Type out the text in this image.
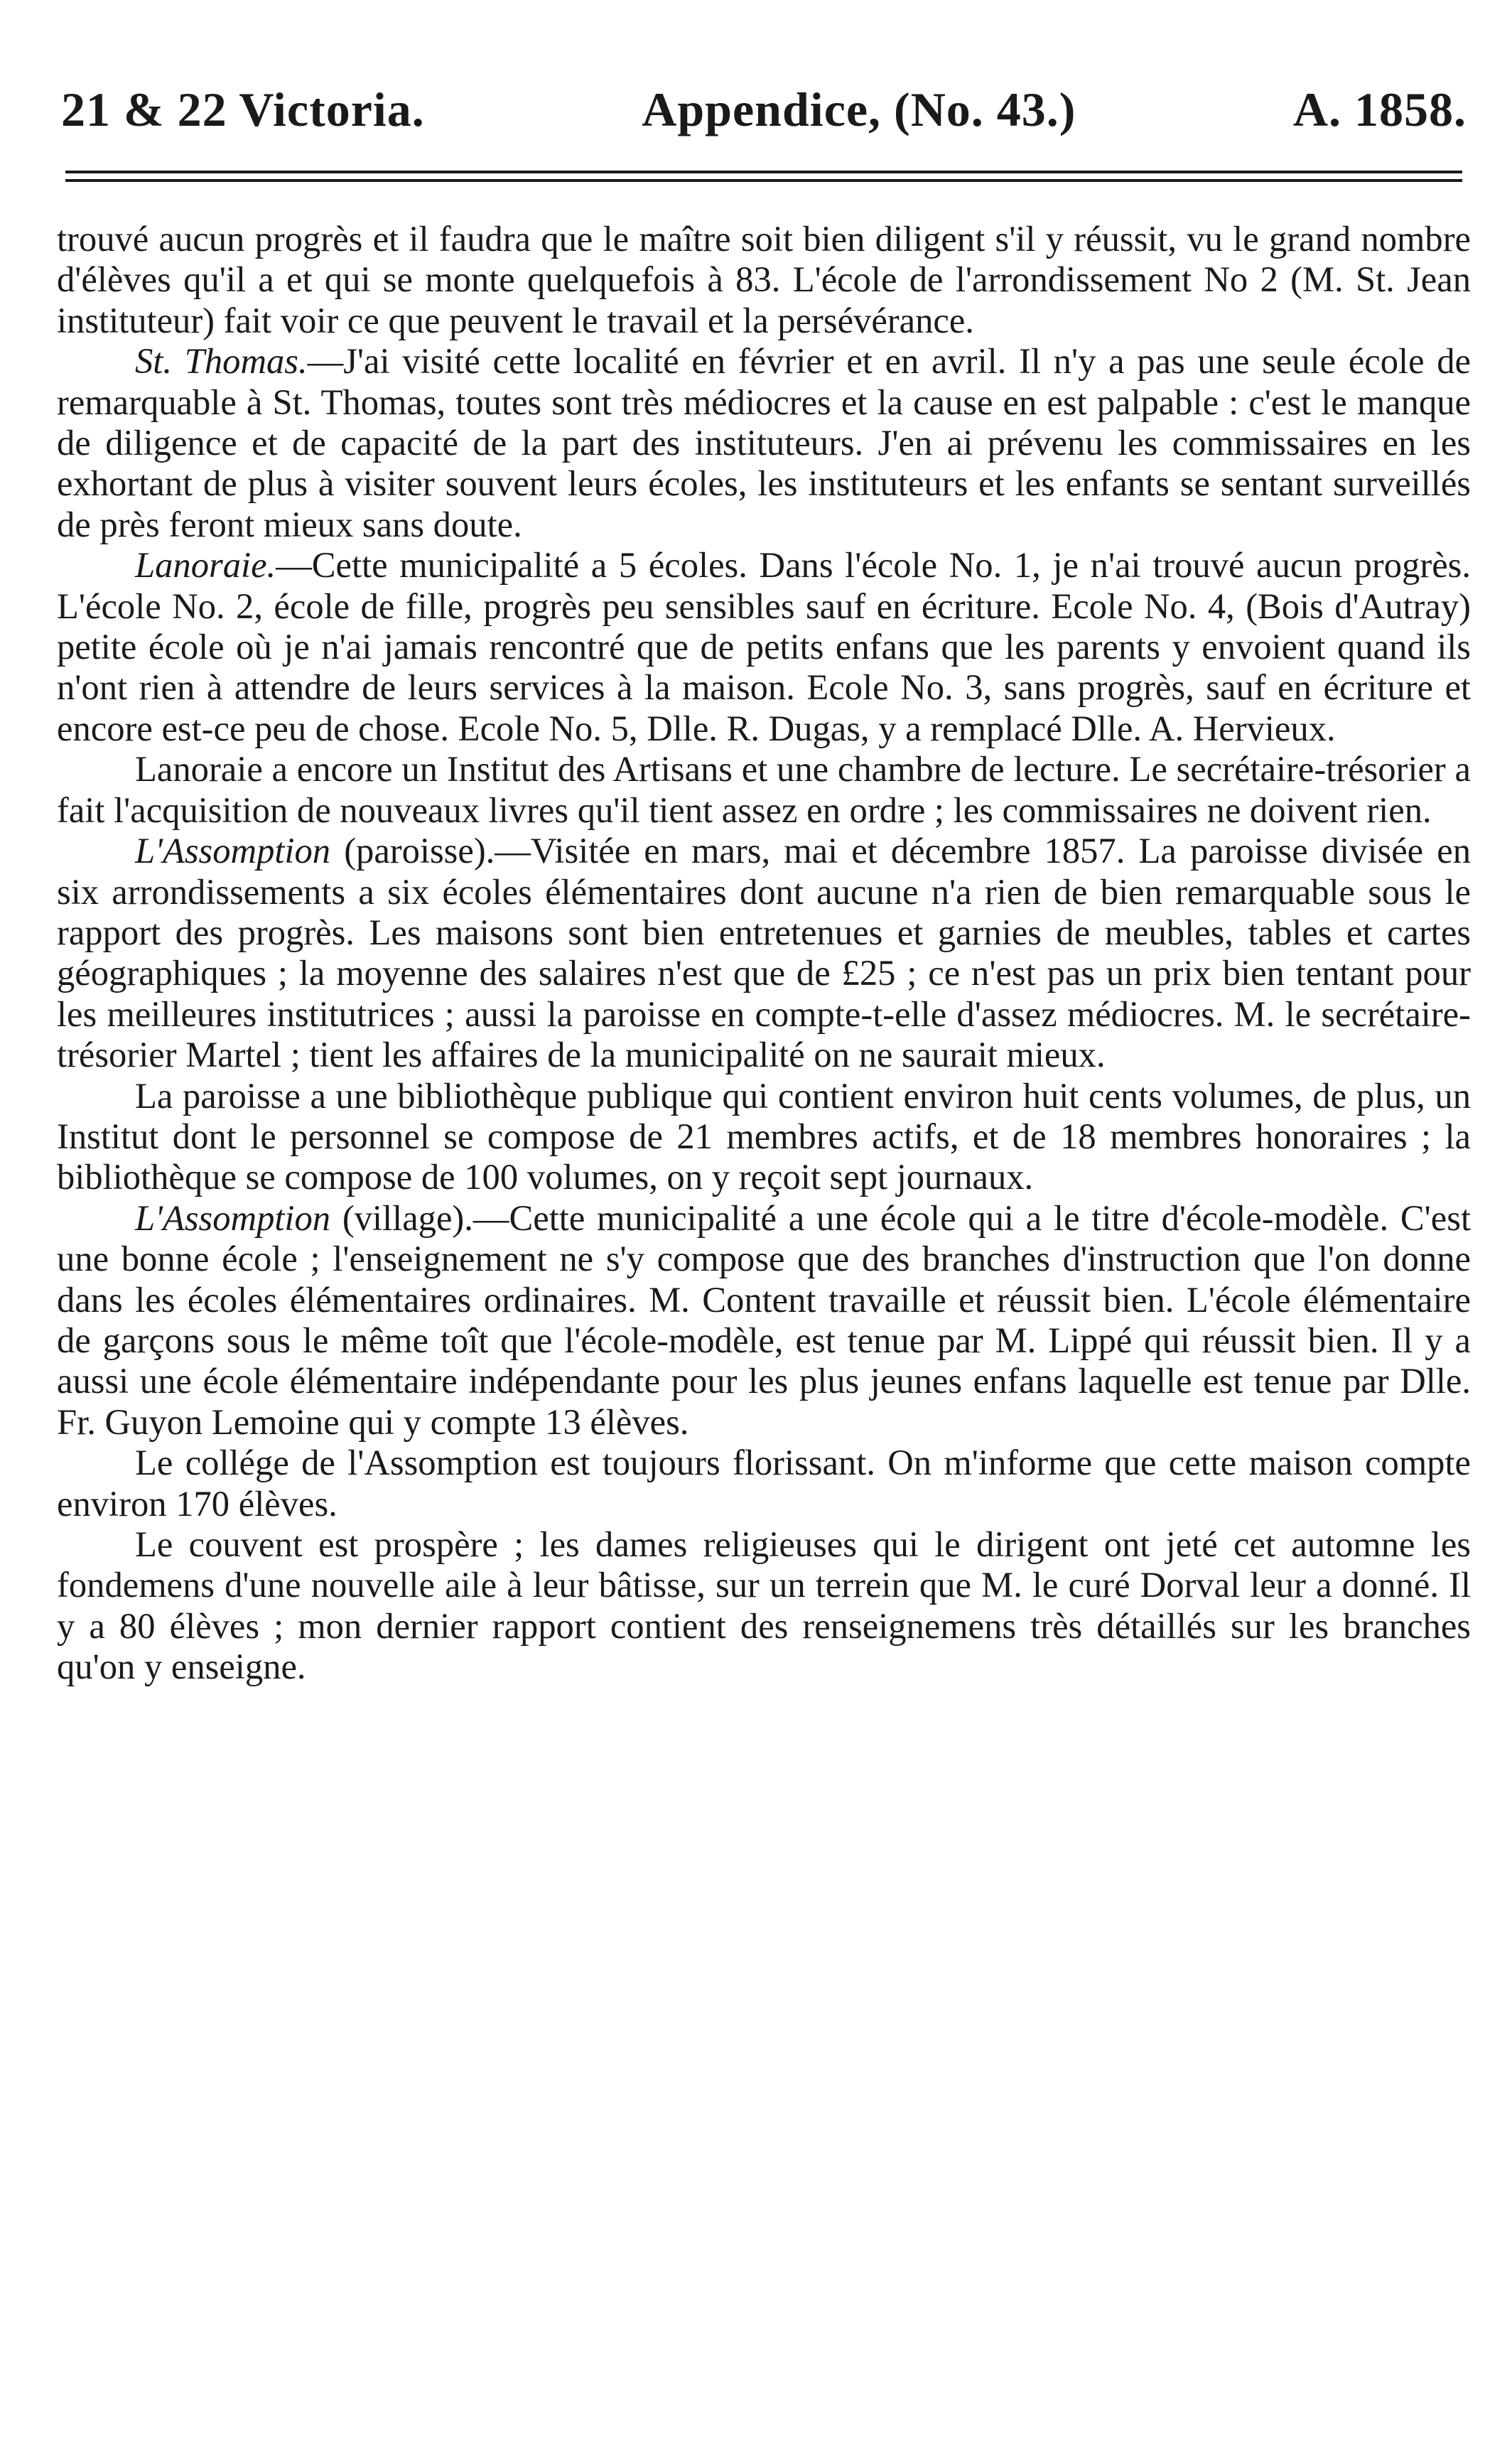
21 & 22 Victoria.	Appendice, (No. 43.)	A. 1858.

trouvé aucun progrès et il faudra que le maître soit bien diligent s'il y réussit, vu le grand nombre d'élèves qu'il a et qui se monte quelquefois à 83. L'école de l'arrondissement No 2 (M. St. Jean instituteur) fait voir ce que peuvent le travail et la persévérance.

St. Thomas.—J'ai visité cette localité en février et en avril. Il n'y a pas une seule école de remarquable à St. Thomas, toutes sont très médiocres et la cause en est palpable : c'est le manque de diligence et de capacité de la part des instituteurs. J'en ai prévenu les commissaires en les exhortant de plus à visiter souvent leurs écoles, les instituteurs et les enfants se sentant surveillés de près feront mieux sans doute.

Lanoraie.—Cette municipalité a 5 écoles. Dans l'école No. 1, je n'ai trouvé aucun progrès. L'école No. 2, école de fille, progrès peu sensibles sauf en écriture. Ecole No. 4, (Bois d'Autray) petite école où je n'ai jamais rencontré que de petits enfans que les parents y envoient quand ils n'ont rien à attendre de leurs services à la maison. Ecole No. 3, sans progrès, sauf en écriture et encore est-ce peu de chose. Ecole No. 5, Dlle. R. Dugas, y a remplacé Dlle. A. Hervieux.

Lanoraie a encore un Institut des Artisans et une chambre de lecture. Le secrétaire-trésorier a fait l'acquisition de nouveaux livres qu'il tient assez en ordre ; les commissaires ne doivent rien.

L'Assomption (paroisse).—Visitée en mars, mai et décembre 1857. La paroisse divisée en six arrondissements a six écoles élémentaires dont aucune n'a rien de bien remarquable sous le rapport des progrès. Les maisons sont bien entretenues et garnies de meubles, tables et cartes géographiques ; la moyenne des salaires n'est que de £25 ; ce n'est pas un prix bien tentant pour les meilleures institutrices ; aussi la paroisse en compte-t-elle d'assez médiocres. M. le secrétaire-trésorier Martel ; tient les affaires de la municipalité on ne saurait mieux.

La paroisse a une bibliothèque publique qui contient environ huit cents volumes, de plus, un Institut dont le personnel se compose de 21 membres actifs, et de 18 membres honoraires ; la bibliothèque se compose de 100 volumes, on y reçoit sept journaux.

L'Assomption (village).—Cette municipalité a une école qui a le titre d'école-modèle. C'est une bonne école ; l'enseignement ne s'y compose que des branches d'instruction que l'on donne dans les écoles élémentaires ordinaires. M. Content travaille et réussit bien. L'école élémentaire de garçons sous le même toît que l'école-modèle, est tenue par M. Lippé qui réussit bien. Il y a aussi une école élémentaire indépendante pour les plus jeunes enfans laquelle est tenue par Dlle. Fr. Guyon Lemoine qui y compte 13 élèves.

Le collége de l'Assomption est toujours florissant. On m'informe que cette maison compte environ 170 élèves.

Le couvent est prospère ; les dames religieuses qui le dirigent ont jeté cet automne les fondemens d'une nouvelle aile à leur bâtisse, sur un terrein que M. le curé Dorval leur a donné. Il y a 80 élèves ; mon dernier rapport contient des renseignemens très détaillés sur les branches qu'on y enseigne.
